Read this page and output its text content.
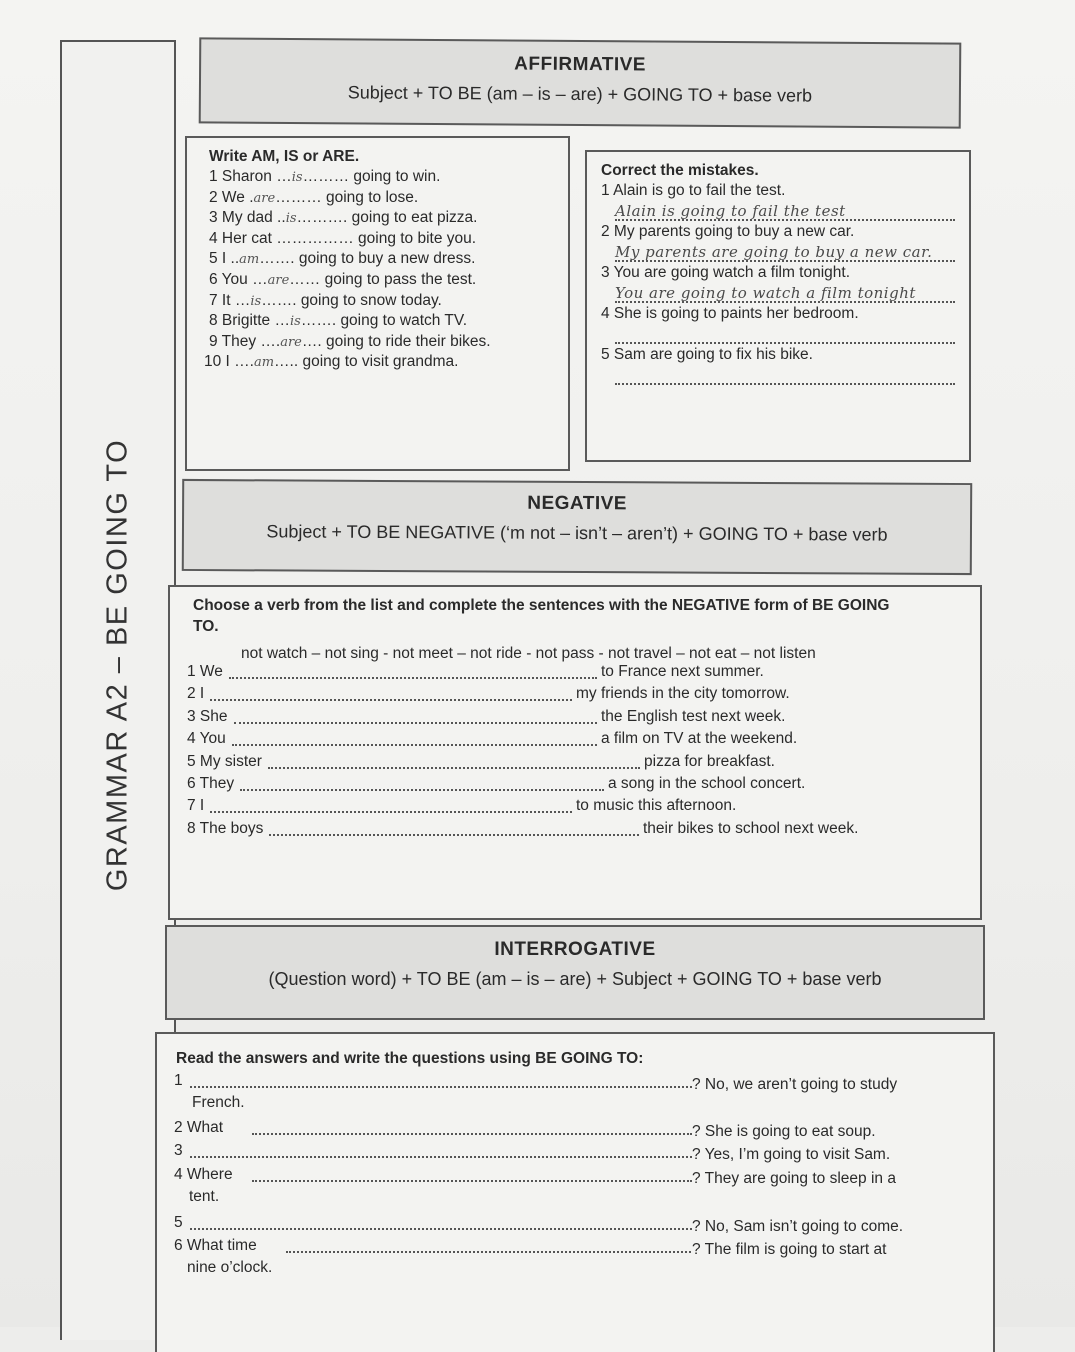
GRAMMAR A2 – BE GOING TO
AFFIRMATIVE
Subject + TO BE (am – is – are) + GOING TO + base verb
Write AM, IS or ARE.
1 Sharon …is……… going to win.
2 We .are……… going to lose.
3 My dad ..is………. going to eat pizza.
4 Her cat …………… going to bite you.
5 I ..am……. going to buy a new dress.
6 You …are…… going to pass the test.
7 It …is……. going to snow today.
8 Brigitte …is……. going to watch TV.
9 They ….are…. going to ride their bikes.
10 I ….am….. going to visit grandma.
Correct the mistakes.
1 Alain is go to fail the test.
Alain is going to fail the test
2 My parents going to buy a new car.
My parents are going to buy a new car.
3 You are going watch a film tonight.
You are going to watch a film tonight
4 She is going to paints her bedroom.
5 Sam are going to fix his bike.
NEGATIVE
Subject + TO BE NEGATIVE (‘m not – isn’t – aren’t) + GOING TO + base verb
Choose a verb from the list and complete the sentences with the NEGATIVE form of BE GOING
TO.
not watch – not sing - not meet – not ride - not pass - not travel – not eat – not listen
1 We	to France next summer.
2 I	my friends in the city tomorrow.
3 She	the English test next week.
4 You	a film on TV at the weekend.
5 My sister	pizza for breakfast.
6 They	a song in the school concert.
7 I	to music this afternoon.
8 The boys	their bikes to school next week.
INTERROGATIVE
(Question word) + TO BE (am – is – are) + Subject + GOING TO + base verb
Read the answers and write the questions using BE GOING TO:
1	? No, we aren’t going to study
French.
2 What	? She is going to eat soup.
3	? Yes, I’m going to visit Sam.
4 Where	? They are going to sleep in a
tent.
5	? No, Sam isn’t going to come.
6 What time	? The film is going to start at
nine o’clock.
